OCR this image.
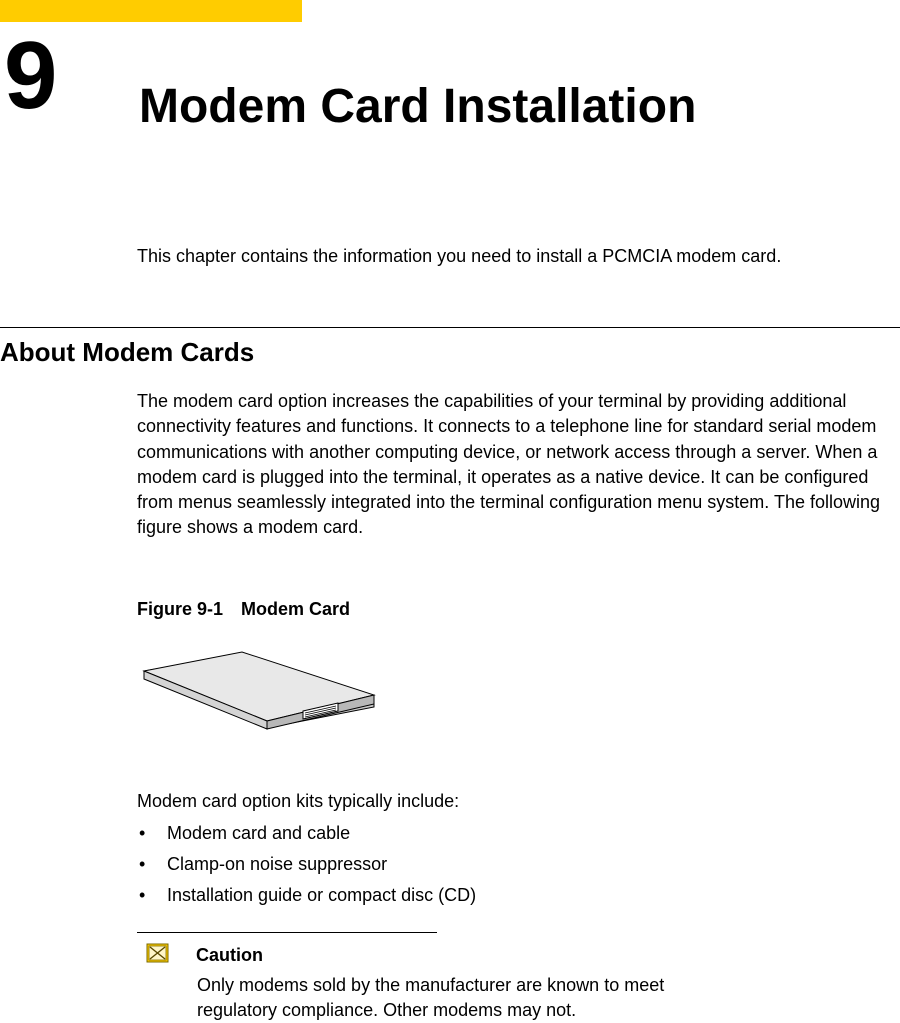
9 Modem Card Installation
This chapter contains the information you need to install a PCMCIA modem card.
About Modem Cards
The modem card option increases the capabilities of your terminal by providing additional connectivity features and functions. It connects to a telephone line for standard serial modem communications with another computing device, or network access through a server. When a modem card is plugged into the terminal, it operates as a native device. It can be configured from menus seamlessly integrated into the terminal configuration menu system. The following figure shows a modem card.
Figure 9-1 Modem Card
Modem card option kits typically include:
• Modem card and cable
• Clamp-on noise suppressor
• Installation guide or compact disc (CD)
Caution
Only modems sold by the manufacturer are known to meet regulatory compliance. Other modems may not.
